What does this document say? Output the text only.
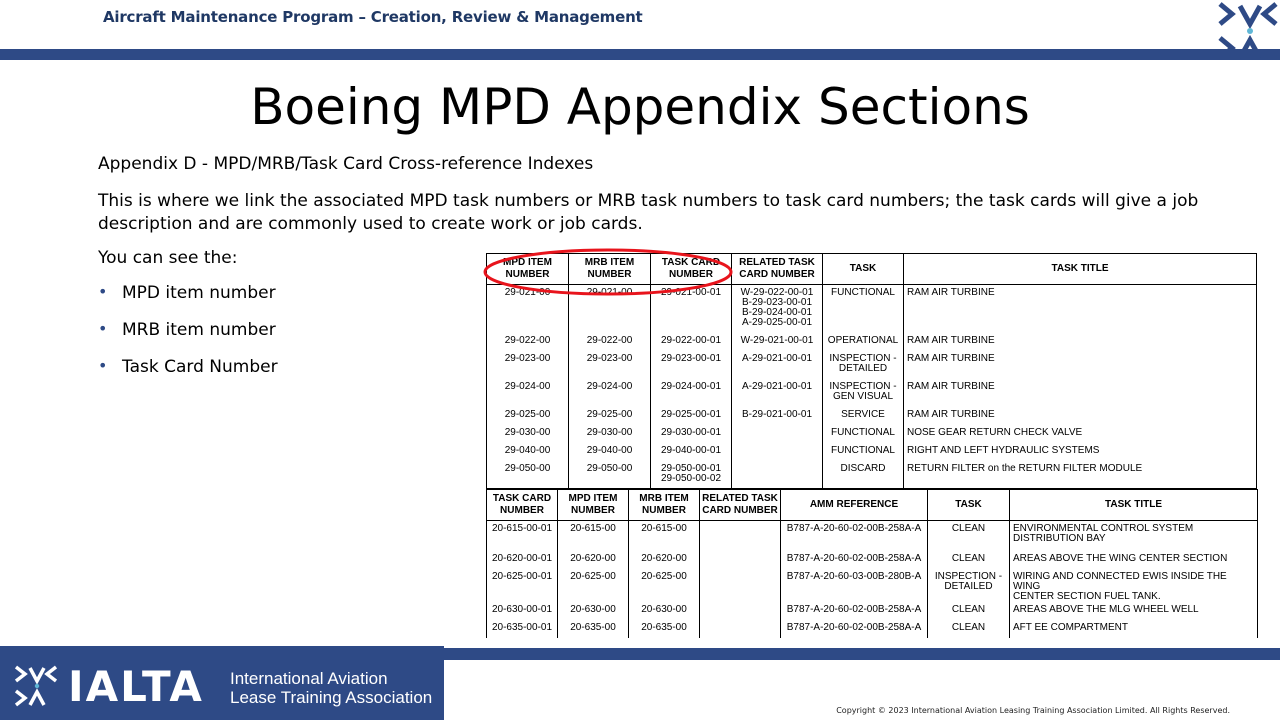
Aircraft Maintenance Program – Creation, Review & Management
Boeing MPD Appendix Sections
Appendix D - MPD/MRB/Task Card Cross-reference Indexes
This is where we link the associated MPD task numbers or MRB task numbers to task card numbers; the task cards will give a job description and are commonly used to create work or job cards.
You can see the:
• MPD item number
• MRB item number
• Task Card Number
MPD ITEM NUMBER	MRB ITEM NUMBER	TASK CARD NUMBER	RELATED TASK CARD NUMBER	TASK	TASK TITLE
29-021-00	29-021-00	29-021-00-01	W-29-022-00-01
B-29-023-00-01
B-29-024-00-01
A-29-025-00-01	FUNCTIONAL	RAM AIR TURBINE
29-022-00	29-022-00	29-022-00-01	W-29-021-00-01	OPERATIONAL	RAM AIR TURBINE
29-023-00	29-023-00	29-023-00-01	A-29-021-00-01	INSPECTION -
DETAILED	RAM AIR TURBINE
29-024-00	29-024-00	29-024-00-01	A-29-021-00-01	INSPECTION -
GEN VISUAL	RAM AIR TURBINE
29-025-00	29-025-00	29-025-00-01	B-29-021-00-01	SERVICE	RAM AIR TURBINE
29-030-00	29-030-00	29-030-00-01		FUNCTIONAL	NOSE GEAR RETURN CHECK VALVE
29-040-00	29-040-00	29-040-00-01		FUNCTIONAL	RIGHT AND LEFT HYDRAULIC SYSTEMS
29-050-00	29-050-00	29-050-00-01
29-050-00-02		DISCARD	RETURN FILTER on the RETURN FILTER MODULE
TASK CARD NUMBER	MPD ITEM NUMBER	MRB ITEM NUMBER	RELATED TASK CARD NUMBER	AMM REFERENCE	TASK	TASK TITLE
20-615-00-01	20-615-00	20-615-00		B787-A-20-60-02-00B-258A-A	CLEAN	ENVIRONMENTAL CONTROL SYSTEM
DISTRIBUTION BAY
20-620-00-01	20-620-00	20-620-00		B787-A-20-60-02-00B-258A-A	CLEAN	AREAS ABOVE THE WING CENTER SECTION
20-625-00-01	20-625-00	20-625-00		B787-A-20-60-03-00B-280B-A	INSPECTION -
DETAILED	WIRING AND CONNECTED EWIS INSIDE THE WING
CENTER SECTION FUEL TANK.
20-630-00-01	20-630-00	20-630-00		B787-A-20-60-02-00B-258A-A	CLEAN	AREAS ABOVE THE MLG WHEEL WELL
20-635-00-01	20-635-00	20-635-00		B787-A-20-60-02-00B-258A-A	CLEAN	AFT EE COMPARTMENT
IALTA International Aviation
Lease Training Association
Copyright © 2023 International Aviation Leasing Training Association Limited. All Rights Reserved.
